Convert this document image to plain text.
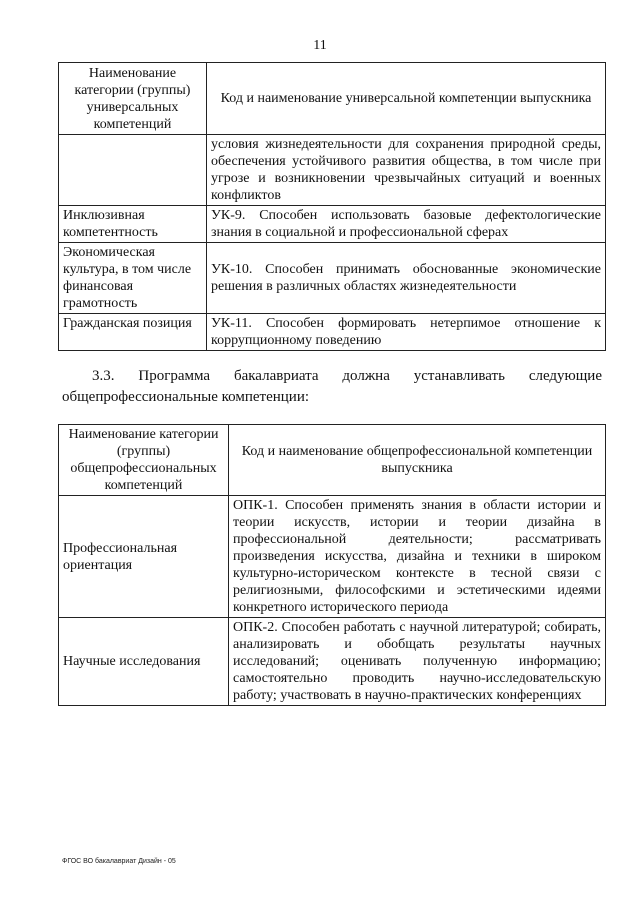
11
Наименование категории (группы) универсальных компетенций	Код и наименование универсальной компетенции выпускника
	условия жизнедеятельности для сохранения природной среды, обеспечения устойчивого развития общества, в том числе при угрозе и возникновении чрезвычайных ситуаций и военных конфликтов
Инклюзивная компетентность	УК-9. Способен использовать базовые дефектологические знания в социальной и профессиональной сферах
Экономическая культура, в том числе финансовая грамотность	УК-10. Способен принимать обоснованные экономические решения в различных областях жизнедеятельности
Гражданская позиция	УК-11. Способен формировать нетерпимое отношение к коррупционному поведению
3.3. Программа бакалавриата должна устанавливать следующие
общепрофессиональные компетенции:
Наименование категории (группы) общепрофессиональных компетенций	Код и наименование общепрофессиональной компетенции выпускника
Профессиональная ориентация	ОПК-1. Способен применять знания в области истории и теории искусств, истории и теории дизайна в профессиональной деятельности; рассматривать произведения искусства, дизайна и техники в широком культурно-историческом контексте в тесной связи с религиозными, философскими и эстетическими идеями конкретного исторического периода
Научные исследования	ОПК-2. Способен работать с научной литературой; собирать, анализировать и обобщать результаты научных исследований; оценивать полученную информацию; самостоятельно проводить научно-исследовательскую работу; участвовать в научно-практических конференциях
ФГОС ВО бакалавриат Дизайн - 05
